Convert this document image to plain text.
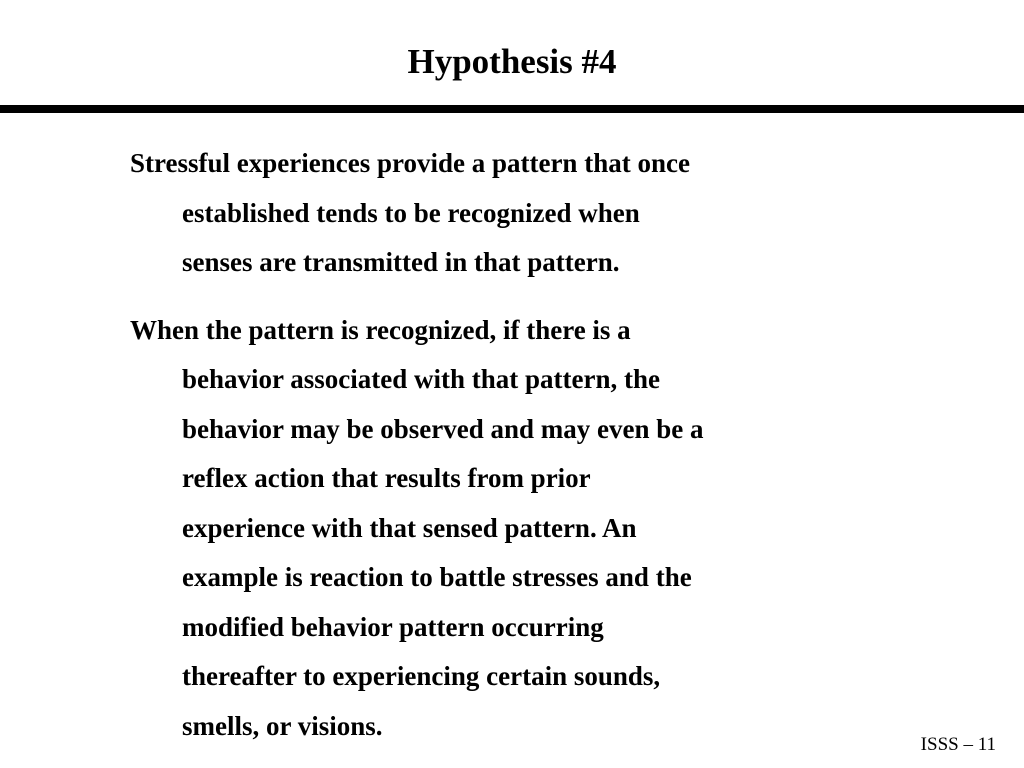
Hypothesis #4

Stressful experiences provide a pattern that once
established tends to be recognized when
senses are transmitted in that pattern.

When the pattern is recognized, if there is a
behavior associated with that pattern, the
behavior may be observed and may even be a
reflex action that results from prior
experience with that sensed pattern. An
example is reaction to battle stresses and the
modified behavior pattern occurring
thereafter to experiencing certain sounds,
smells, or visions.

ISSS – 11
